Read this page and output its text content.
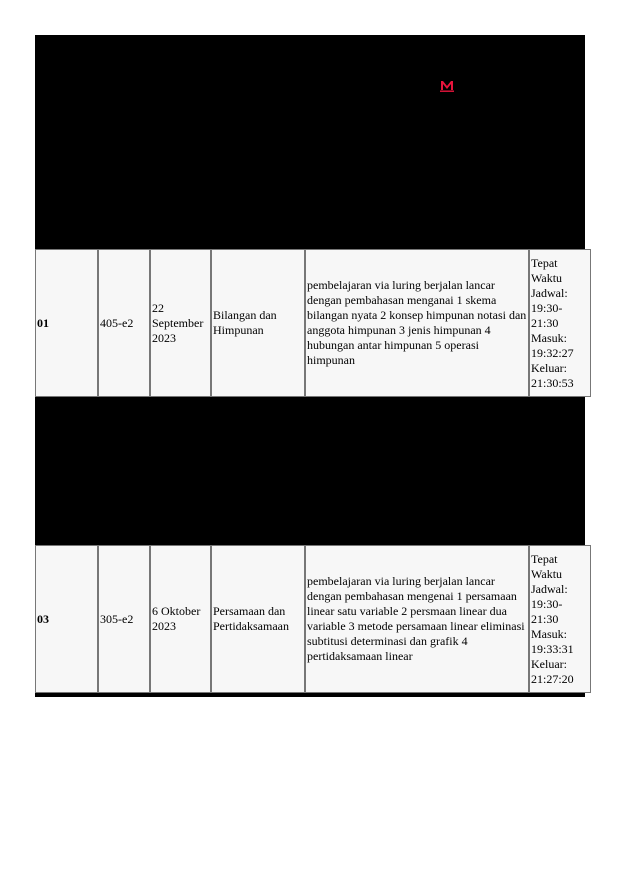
01	405-e2	22 September 2023	Bilangan dan Himpunan	pembelajaran via luring berjalan lancar dengan pembahasan menganai 1 skema bilangan nyata 2 konsep himpunan notasi dan anggota himpunan 3 jenis himpunan 4 hubungan antar himpunan 5 operasi himpunan	Tepat Waktu Jadwal: 19:30-21:30 Masuk: 19:32:27 Keluar: 21:30:53
03	305-e2	6 Oktober 2023	Persamaan dan Pertidaksamaan	pembelajaran via luring berjalan lancar dengan pembahasan mengenai 1 persamaan linear satu variable 2 persmaan linear dua variable 3 metode persamaan linear eliminasi subtitusi determinasi dan grafik 4 pertidaksamaan linear	Tepat Waktu Jadwal: 19:30-21:30 Masuk: 19:33:31 Keluar: 21:27:20
